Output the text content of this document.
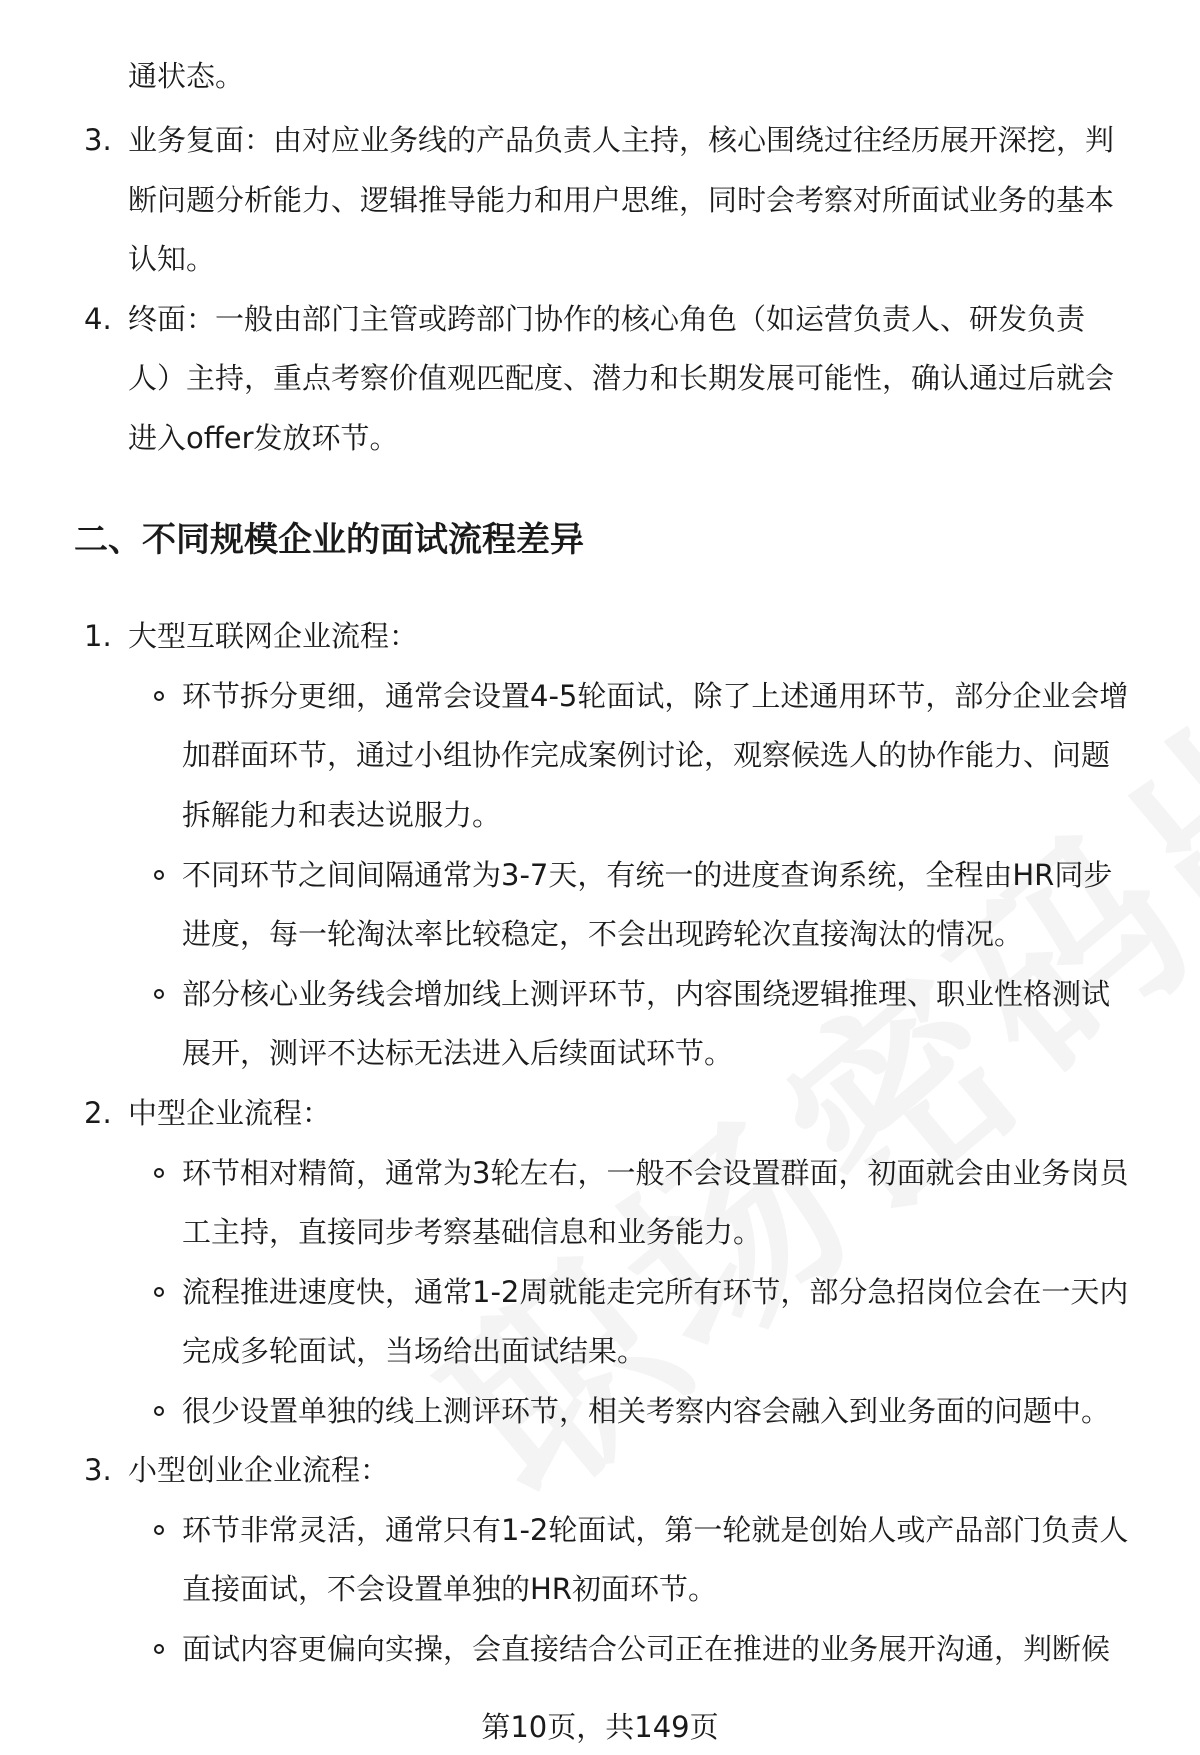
通状态。
3. 业务复面：由对应业务线的产品负责人主持，核心围绕过往经历展开深挖，判
断问题分析能力、逻辑推导能力和用户思维，同时会考察对所面试业务的基本
认知。
4. 终面：一般由部门主管或跨部门协作的核心角色（如运营负责人、研发负责
人）主持，重点考察价值观匹配度、潜力和长期发展可能性，确认通过后就会
进入offer发放环节。
二、不同规模企业的面试流程差异
1. 大型互联网企业流程：
环节拆分更细，通常会设置4-5轮面试，除了上述通用环节，部分企业会增
加群面环节，通过小组协作完成案例讨论，观察候选人的协作能力、问题
拆解能力和表达说服力。
不同环节之间间隔通常为3-7天，有统一的进度查询系统，全程由HR同步
进度，每一轮淘汰率比较稳定，不会出现跨轮次直接淘汰的情况。
部分核心业务线会增加线上测评环节，内容围绕逻辑推理、职业性格测试
展开，测评不达标无法进入后续面试环节。
2. 中型企业流程：
环节相对精简，通常为3轮左右，一般不会设置群面，初面就会由业务岗员
工主持，直接同步考察基础信息和业务能力。
流程推进速度快，通常1-2周就能走完所有环节，部分急招岗位会在一天内
完成多轮面试，当场给出面试结果。
很少设置单独的线上测评环节，相关考察内容会融入到业务面的问题中。
3. 小型创业企业流程：
环节非常灵活，通常只有1-2轮面试，第一轮就是创始人或产品部门负责人
直接面试，不会设置单独的HR初面环节。
面试内容更偏向实操，会直接结合公司正在推进的业务展开沟通，判断候
第10页，共149页
